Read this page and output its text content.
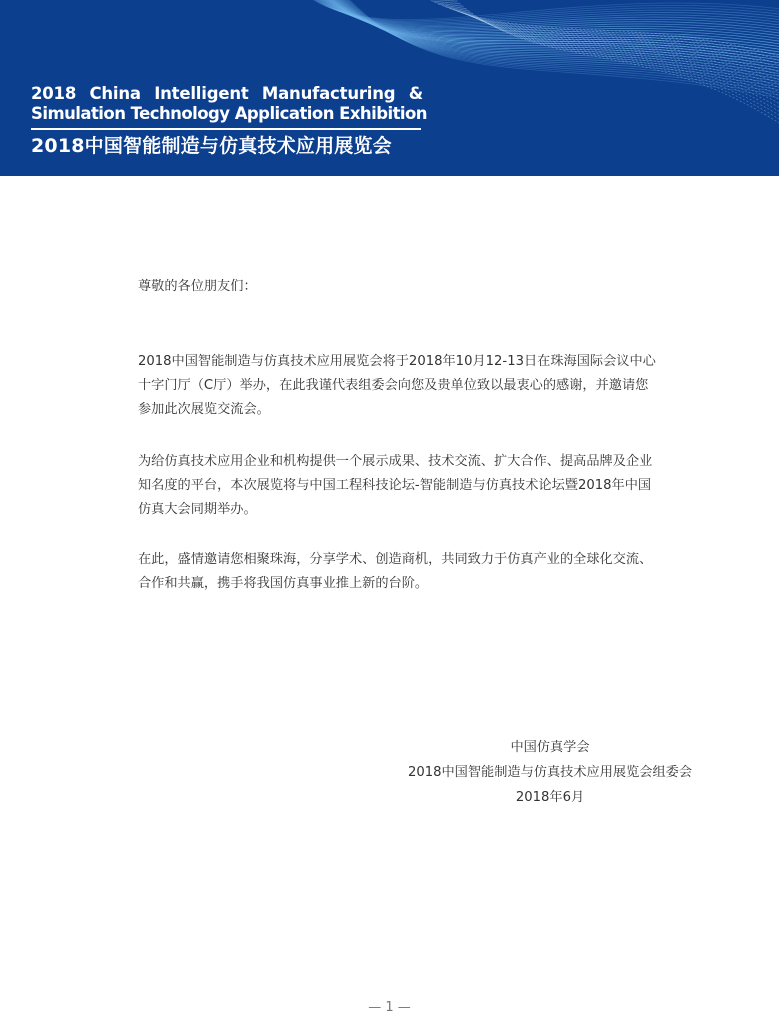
2018 China Intelligent Manufacturing &
Simulation Technology Application Exhibition
2018中国智能制造与仿真技术应用展览会
尊敬的各位朋友们：
2018中国智能制造与仿真技术应用展览会将于2018年10月12-13日在珠海国际会议中心
十字门厅（C厅）举办，在此我谨代表组委会向您及贵单位致以最衷心的感谢，并邀请您
参加此次展览交流会。
为给仿真技术应用企业和机构提供一个展示成果、技术交流、扩大合作、提高品牌及企业
知名度的平台，本次展览将与中国工程科技论坛-智能制造与仿真技术论坛暨2018年中国
仿真大会同期举办。
在此，盛情邀请您相聚珠海，分享学术、创造商机，共同致力于仿真产业的全球化交流、
合作和共赢，携手将我国仿真事业推上新的台阶。
中国仿真学会
2018中国智能制造与仿真技术应用展览会组委会
2018年6月
— 1 —
